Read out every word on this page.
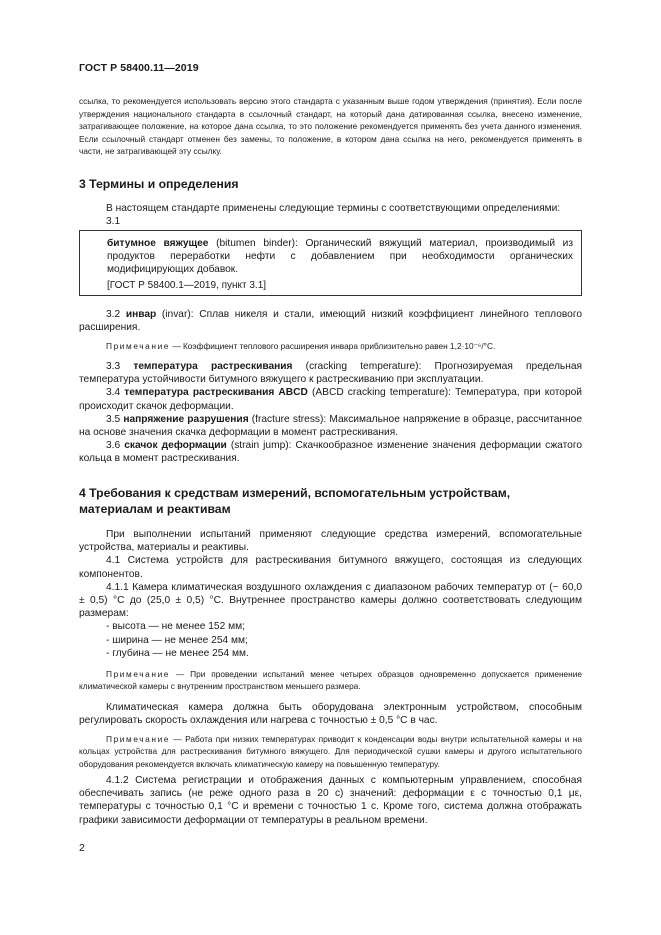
ГОСТ Р 58400.11—2019
ссылка, то рекомендуется использовать версию этого стандарта с указанным выше годом утверждения (принятия). Если после утверждения национального стандарта в ссылочный стандарт, на который дана датированная ссылка, внесено изменение, затрагивающее положение, на которое дана ссылка, то это положение рекомендуется применять без учета данного изменения. Если ссылочный стандарт отменен без замены, то положение, в котором дана ссылка на него, рекомендуется применять в части, не затрагивающей эту ссылку.
3 Термины и определения

В настоящем стандарте применены следующие термины с соответствующими определениями:

3.1

битумное вяжущее (bitumen binder): Органический вяжущий материал, производимый из продуктов переработки нефти с добавлением при необходимости органических модифицирующих добавок.
[ГОСТ Р 58400.1—2019, пункт 3.1]

3.2 инвар (invar): Сплав никеля и стали, имеющий низкий коэффициент линейного теплового расширения.

Примечание — Коэффициент теплового расширения инвара приблизительно равен 1,2·10⁻⁶/°С.

3.3 температура растрескивания (cracking temperature): Прогнозируемая предельная температура устойчивости битумного вяжущего к растрескиванию при эксплуатации.

3.4 температура растрескивания ABCD (ABCD cracking temperature): Температура, при которой происходит скачок деформации.

3.5 напряжение разрушения (fracture stress): Максимальное напряжение в образце, рассчитанное на основе значения скачка деформации в момент растрескивания.

3.6 скачок деформации (strain jump): Скачкообразное изменение значения деформации сжатого кольца в момент растрескивания.

4 Требования к средствам измерений, вспомогательным устройствам,
материалам и реактивам

При выполнении испытаний применяют следующие средства измерений, вспомогательные устройства, материалы и реактивы.

4.1 Система устройств для растрескивания битумного вяжущего, состоящая из следующих компонентов.

4.1.1 Камера климатическая воздушного охлаждения с диапазоном рабочих температур от (− 60,0 ± 0,5) °С до (25,0 ± 0,5) °С. Внутреннее пространство камеры должно соответствовать следующим размерам:

- высота — не менее 152 мм;

- ширина — не менее 254 мм;

- глубина — не менее 254 мм.

Примечание — При проведении испытаний менее четырех образцов одновременно допускается применение климатической камеры с внутренним пространством меньшего размера.

Климатическая камера должна быть оборудована электронным устройством, способным регулировать скорость охлаждения или нагрева с точностью ± 0,5 °С в час.

Примечание — Работа при низких температурах приводит к конденсации воды внутри испытательной камеры и на кольцах устройства для растрескивания битумного вяжущего. Для периодической сушки камеры и другого испытательного оборудования рекомендуется включать климатическую камеру на повышенную температуру.

4.1.2 Система регистрации и отображения данных с компьютерным управлением, способная обеспечивать запись (не реже одного раза в 20 с) значений: деформации ε с точностью 0,1 με, температуры с точностью 0,1 °С и времени с точностью 1 с. Кроме того, система должна отображать графики зависимости деформации от температуры в реальном времени.

2
